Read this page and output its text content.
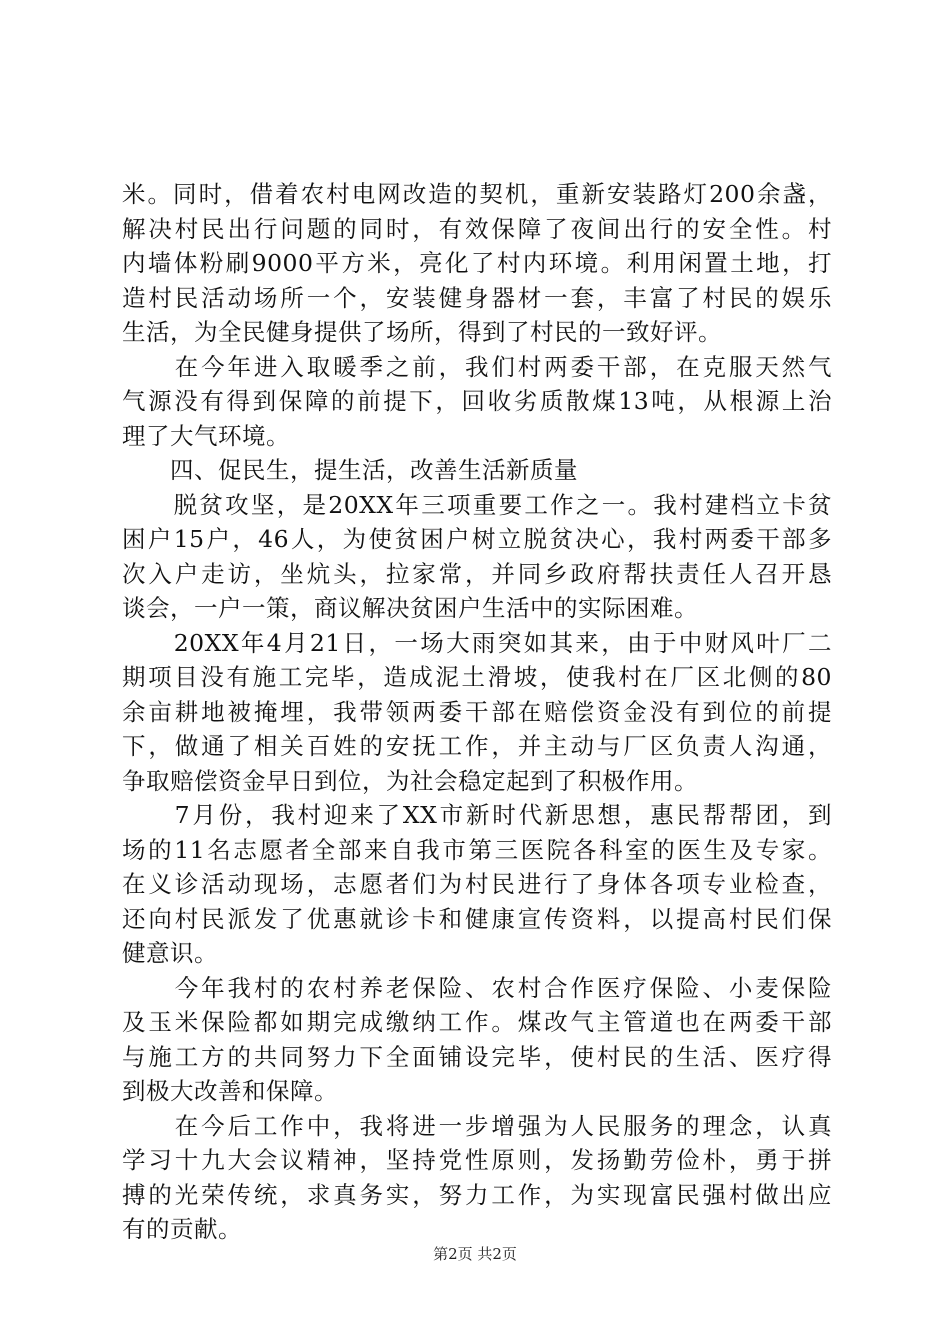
米。同时，借着农村电网改造的契机，重新安装路灯200余盏，
解决村民出行问题的同时，有效保障了夜间出行的安全性。村
内墙体粉刷9000平方米，亮化了村内环境。利用闲置土地，打
造村民活动场所一个，安装健身器材一套，丰富了村民的娱乐
生活，为全民健身提供了场所，得到了村民的一致好评。
　　在今年进入取暖季之前，我们村两委干部，在克服天然气
气源没有得到保障的前提下，回收劣质散煤13吨，从根源上治
理了大气环境。
　　四、促民生，提生活，改善生活新质量
　　脱贫攻坚，是20XX年三项重要工作之一。我村建档立卡贫
困户15户，46人，为使贫困户树立脱贫决心，我村两委干部多
次入户走访，坐炕头，拉家常，并同乡政府帮扶责任人召开恳
谈会，一户一策，商议解决贫困户生活中的实际困难。
　　20XX年4月21日，一场大雨突如其来，由于中财风叶厂二
期项目没有施工完毕，造成泥土滑坡，使我村在厂区北侧的80
余亩耕地被掩埋，我带领两委干部在赔偿资金没有到位的前提
下，做通了相关百姓的安抚工作，并主动与厂区负责人沟通，
争取赔偿资金早日到位，为社会稳定起到了积极作用。
　　7月份，我村迎来了XX市新时代新思想，惠民帮帮团，到
场的11名志愿者全部来自我市第三医院各科室的医生及专家。
在义诊活动现场，志愿者们为村民进行了身体各项专业检查，
还向村民派发了优惠就诊卡和健康宣传资料，以提高村民们保
健意识。
　　今年我村的农村养老保险、农村合作医疗保险、小麦保险
及玉米保险都如期完成缴纳工作。煤改气主管道也在两委干部
与施工方的共同努力下全面铺设完毕，使村民的生活、医疗得
到极大改善和保障。
　　在今后工作中，我将进一步增强为人民服务的理念，认真
学习十九大会议精神，坚持党性原则，发扬勤劳俭朴，勇于拼
搏的光荣传统，求真务实，努力工作，为实现富民强村做出应
有的贡献。
第2页 共2页
